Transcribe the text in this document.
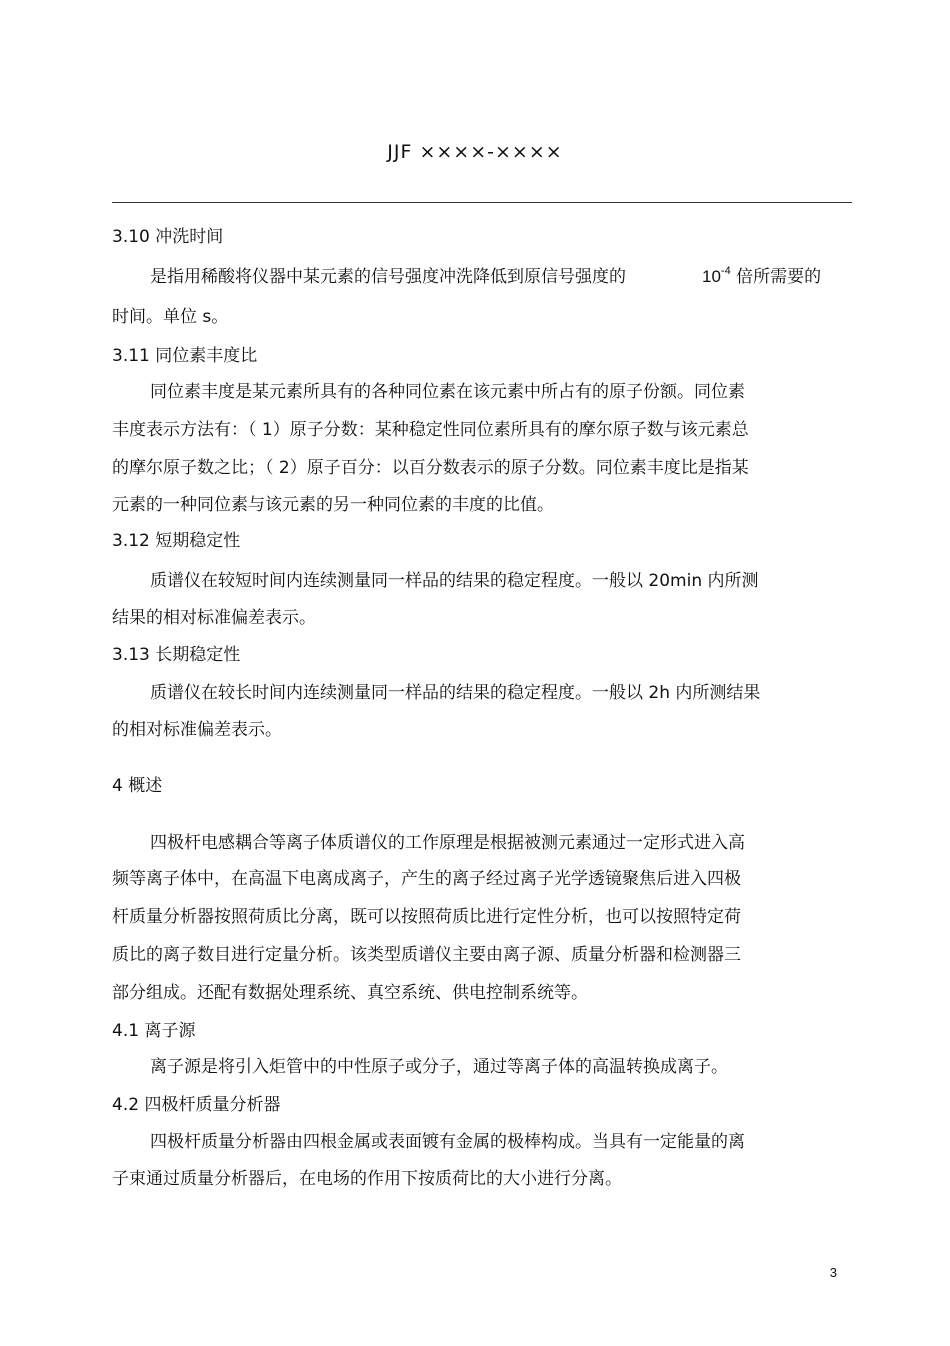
JJF ××××-××××
3.10 冲洗时间
是指用稀酸将仪器中某元素的信号强度冲洗降低到原信号强度的	$10^{-4}$ 倍所需要的
时间。单位 s。
3.11 同位素丰度比
同位素丰度是某元素所具有的各种同位素在该元素中所占有的原子份额。同位素
丰度表示方法有：（ 1）原子分数：某种稳定性同位素所具有的摩尔原子数与该元素总
的摩尔原子数之比；（ 2）原子百分：以百分数表示的原子分数。同位素丰度比是指某
元素的一种同位素与该元素的另一种同位素的丰度的比值。
3.12 短期稳定性
质谱仪在较短时间内连续测量同一样品的结果的稳定程度。一般以 20min 内所测
结果的相对标准偏差表示。
3.13 长期稳定性
质谱仪在较长时间内连续测量同一样品的结果的稳定程度。一般以 2h 内所测结果
的相对标准偏差表示。
4 概述
四极杆电感耦合等离子体质谱仪的工作原理是根据被测元素通过一定形式进入高
频等离子体中，在高温下电离成离子，产生的离子经过离子光学透镜聚焦后进入四极
杆质量分析器按照荷质比分离，既可以按照荷质比进行定性分析，也可以按照特定荷
质比的离子数目进行定量分析。该类型质谱仪主要由离子源、质量分析器和检测器三
部分组成。还配有数据处理系统、真空系统、供电控制系统等。
4.1 离子源
离子源是将引入炬管中的中性原子或分子，通过等离子体的高温转换成离子。
4.2 四极杆质量分析器
四极杆质量分析器由四根金属或表面镀有金属的极棒构成。当具有一定能量的离
子束通过质量分析器后，在电场的作用下按质荷比的大小进行分离。
3
